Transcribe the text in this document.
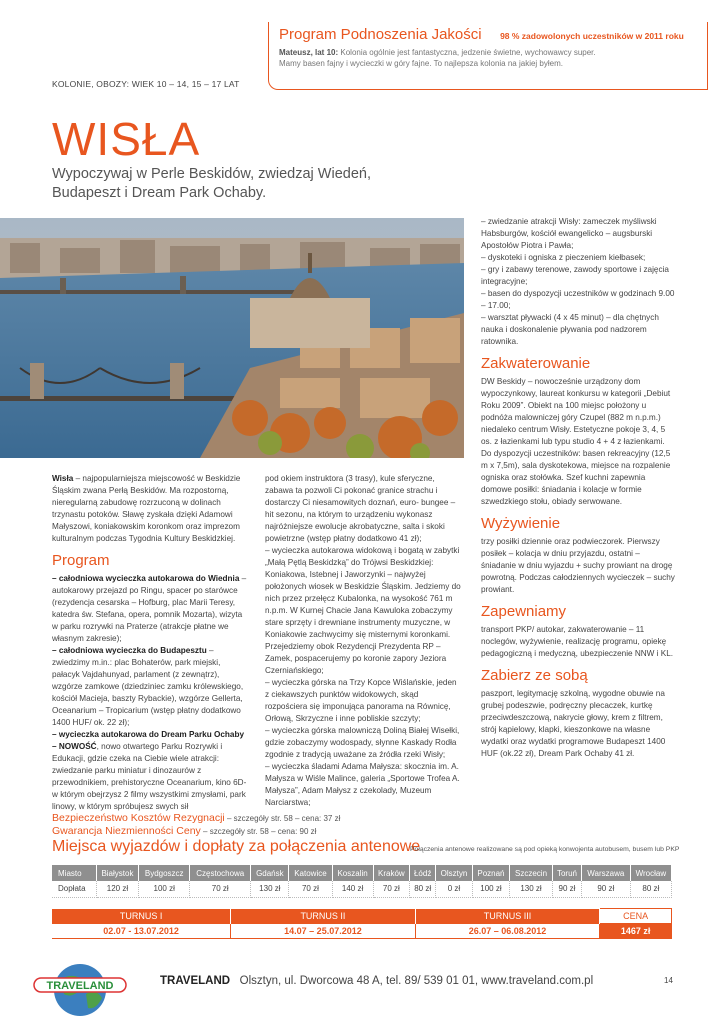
Program Podnoszenia Jakości 98 % zadowolonych uczestników w 2011 roku
Mateusz, lat 10: Kolonia ogólnie jest fantastyczna, jedzenie świetne, wychowawcy super.
Mamy basen fajny i wycieczki w góry fajne. To najlepsza kolonia na jakiej byłem.
KOLONIE, OBOZY: WIEK 10 – 14, 15 – 17 LAT
WISŁA
Wypoczywaj w Perle Beskidów, zwiedzaj Wiedeń, Budapeszt i Dream Park Ochaby.

Wisła – najpopularniejsza miejscowość w Beskidzie Śląskim zwana Perłą Beskidów. Ma rozpostorną, nieregularną zabudowę rozrzuconą w dolinach trzynastu potoków. Sławę zyskała dzięki Adamowi Małyszowi, koniakowskim koronkom oraz imprezom kulturalnym podczas Tygodnia Kultury Beskidzkiej.

Program

– całodniowa wycieczka autokarowa do Wiednia – autokarowy przejazd po Ringu, spacer po starówce (rezydencja cesarska – Hofburg, plac Marii Teresy, katedra św. Stefana, opera, pomnik Mozarta), wizyta w parku rozrywki na Praterze (atrakcje płatne we własnym zakresie);

– całodniowa wycieczka do Budapesztu – zwiedzimy m.in.: plac Bohaterów, park miejski, pałacyk Vajdahunyad, parlament (z zewnątrz), wzgórze zamkowe (dziedziniec zamku królewskiego, kościół Macieja, baszty Rybackie), wzgórze Gellerta, Oceanarium – Tropicarium (wstęp płatny dodatkowo 1400 HUF/ ok. 22 zł);

– wycieczka autokarowa do Dream Parku Ochaby – NOWOŚĆ, nowo otwartego Parku Rozrywki i Edukacji, gdzie czeka na Ciebie wiele atrakcji: zwiedzanie parku miniatur i dinozaurów z przewodnikiem, prehistoryczne Oceanarium, kino 6D- w którym obejrzysz 2 filmy wszystkimi zmysłami, park linowy, w którym spróbujesz swych sił

pod okiem instruktora (3 trasy), kule sferyczne, zabawa ta pozwoli Ci pokonać granice strachu i dostarczy Ci niesamowitych doznań, euro- bungee – hit sezonu, na którym to urządzeniu wykonasz najróżniejsze ewolucje akrobatyczne, salta i skoki powietrzne (wstęp płatny dodatkowo 41 zł);

– wycieczka autokarowa widokową i bogatą w zabytki „Małą Pętlą Beskidzką” do Trójwsi Beskidzkiej: Koniakowa, Istebnej i Jaworzynki – najwyżej położonych wiosek w Beskidzie Śląskim. Jedziemy do nich przez przełęcz Kubalonka, na wysokość 761 m n.p.m. W Kurnej Chacie Jana Kawuloka zobaczymy stare sprzęty i drewniane instrumenty muzyczne, w Koniakowie zachwycimy się misternymi koronkami. Przejedziemy obok Rezydencji Prezydenta RP – Zamek, pospacerujemy po koronie zapory Jeziora Czerniańskiego;

– wycieczka górska na Trzy Kopce Wiślańskie, jeden z ciekawszych punktów widokowych, skąd rozpościera się imponująca panorama na Równicę, Orłową, Skrzyczne i inne pobliskie szczyty;

– wycieczka górska malowniczą Doliną Białej Wisełki, gdzie zobaczymy wodospady, słynne Kaskady Rodła zgodnie z tradycją uważane za źródła rzeki Wisły;

– wycieczka śladami Adama Małysza: skocznia im. A. Małysza w Wiśle Malince, galeria „Sportowe Trofea A. Małysza”, Adam Małysz z czekolady, Muzeum Narciarstwa;

– zwiedzanie atrakcji Wisły: zameczek myśliwski Habsburgów, kościół ewangelicko – augsburski Apostołów Piotra i Pawła;

– dyskoteki i ogniska z pieczeniem kiełbasek;

– gry i zabawy terenowe, zawody sportowe i zajęcia integracyjne;

– basen do dyspozycji uczestników w godzinach 9.00 – 17.00;

– warsztat pływacki (4 x 45 minut) – dla chętnych nauka i doskonalenie pływania pod nadzorem ratownika.

Zakwaterowanie

DW Beskidy – nowocześnie urządzony dom wypoczynkowy, laureat konkursu w kategorii „Debiut Roku 2009”. Obiekt na 100 miejsc położony u podnóża malowniczej góry Czupel (882 m n.p.m.) niedaleko centrum Wisły. Estetyczne pokoje 3, 4, 5 os. z łazienkami lub typu studio 4 + 4 z łazienkami. Do dyspozycji uczestników: basen rekreacyjny (12,5 m x 7,5m), sala dyskotekowa, miejsce na rozpalenie ogniska oraz stołówka. Szef kuchni zapewnia domowe posiłki: śniadania i kolacje w formie szwedzkiego stołu, obiady serwowane.

Wyżywienie

trzy posiłki dziennie oraz podwieczorek. Pierwszy posiłek – kolacja w dniu przyjazdu, ostatni – śniadanie w dniu wyjazdu + suchy prowiant na drogę powrotną. Podczas całodziennych wycieczek – suchy prowiant.

Zapewniamy

transport PKP/ autokar, zakwaterowanie – 11 noclegów, wyżywienie, realizację programu, opiekę pedagogiczną i medyczną, ubezpieczenie NNW i KL.

Zabierz ze sobą

paszport, legitymację szkolną, wygodne obuwie na grubej podeszwie, podręczny plecaczek, kurtkę przeciwdeszczową, nakrycie głowy, krem z filtrem, strój kąpielowy, klapki, kieszonkowe na własne wydatki oraz wydatki programowe Budapeszt 1400 HUF (ok.22 zł), Dream Park Ochaby 41 zł.

Bezpieczeństwo Kosztów Rezygnacji – szczegóły str. 58 – cena: 37 zł
Gwarancja Niezmienności Ceny – szczegóły str. 58 – cena: 90 zł
Miejsca wyjazdów i dopłaty za połączenia antenowe
Połączenia antenowe realizowane są pod opieką konwojenta autobusem, busem lub PKP
Miasto	Białystok	Bydgoszcz	Częstochowa	Gdańsk	Katowice	Koszalin	Kraków	Łódź	Olsztyn	Poznań	Szczecin	Toruń	Warszawa	Wrocław
Dopłata	120 zł	100 zł	70 zł	130 zł	70 zł	140 zł	70 zł	80 zł	0 zł	100 zł	130 zł	90 zł	90 zł	80 zł
TURNUS I	TURNUS II	TURNUS III	CENA
02.07 - 13.07.2012	14.07 – 25.07.2012	26.07 – 06.08.2012	1467 zł
TRAVELAND	TRAVELAND Olsztyn, ul. Dworcowa 48 A, tel. 89/ 539 01 01, www.traveland.com.pl	14
